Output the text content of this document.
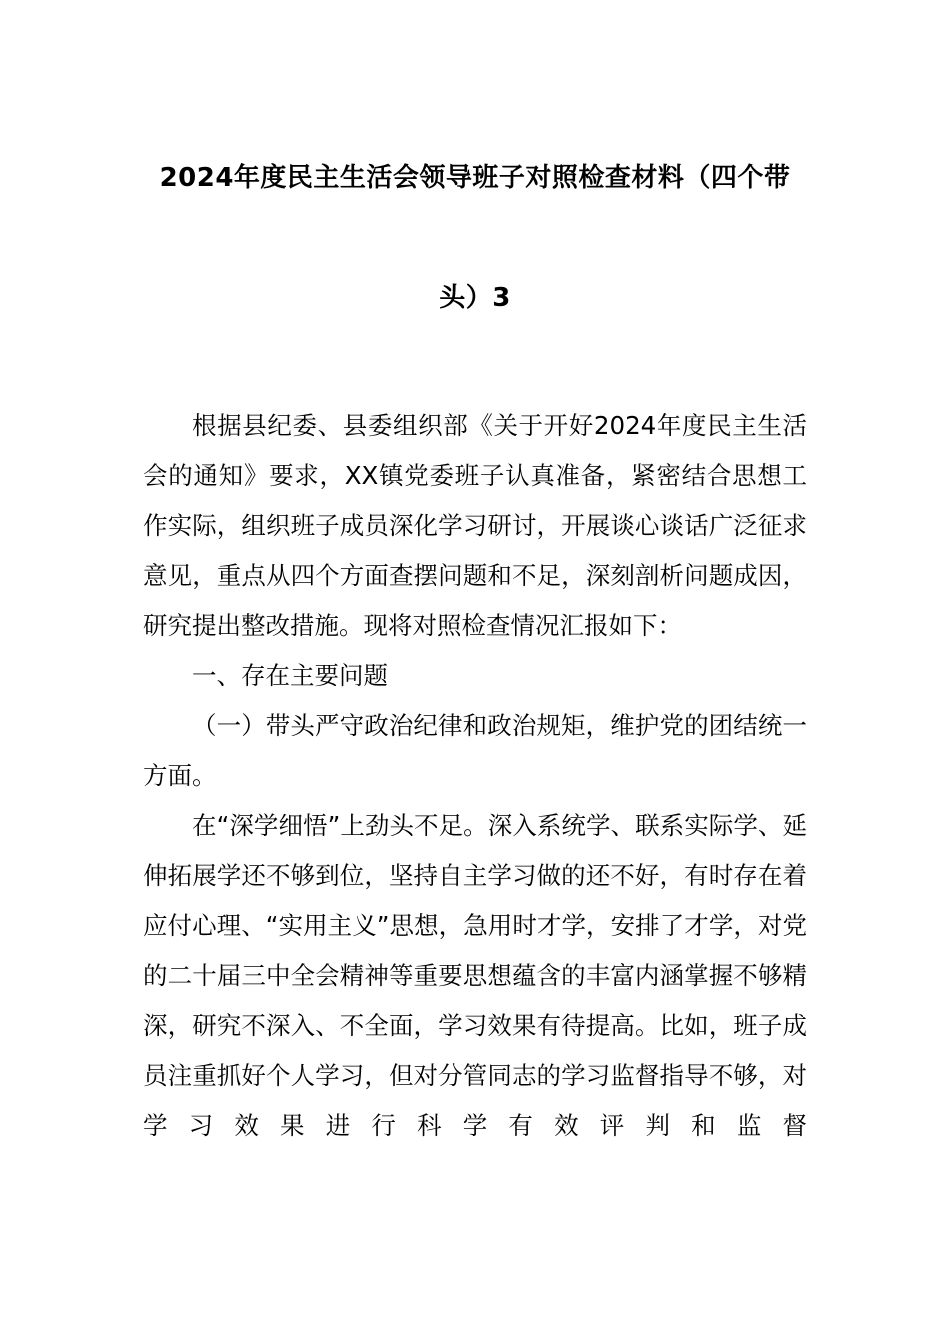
2024年度民主生活会领导班子对照检查材料（四个带
头）3

根据县纪委、县委组织部《关于开好2024年度民主生活会的通知》要求，XX镇党委班子认真准备，紧密结合思想工作实际，组织班子成员深化学习研讨，开展谈心谈话广泛征求意见，重点从四个方面查摆问题和不足，深刻剖析问题成因，研究提出整改措施。现将对照检查情况汇报如下：

一、存在主要问题

（一）带头严守政治纪律和政治规矩，维护党的团结统一方面。

在“深学细悟”上劲头不足。深入系统学、联系实际学、延伸拓展学还不够到位，坚持自主学习做的还不好，有时存在着应付心理、“实用主义”思想，急用时才学，安排了才学，对党的二十届三中全会精神等重要思想蕴含的丰富内涵掌握不够精深，研究不深入、不全面，学习效果有待提高。比如，班子成员注重抓好个人学习，但对分管同志的学习监督指导不够，对学习效果进行科学有效评判和监督
